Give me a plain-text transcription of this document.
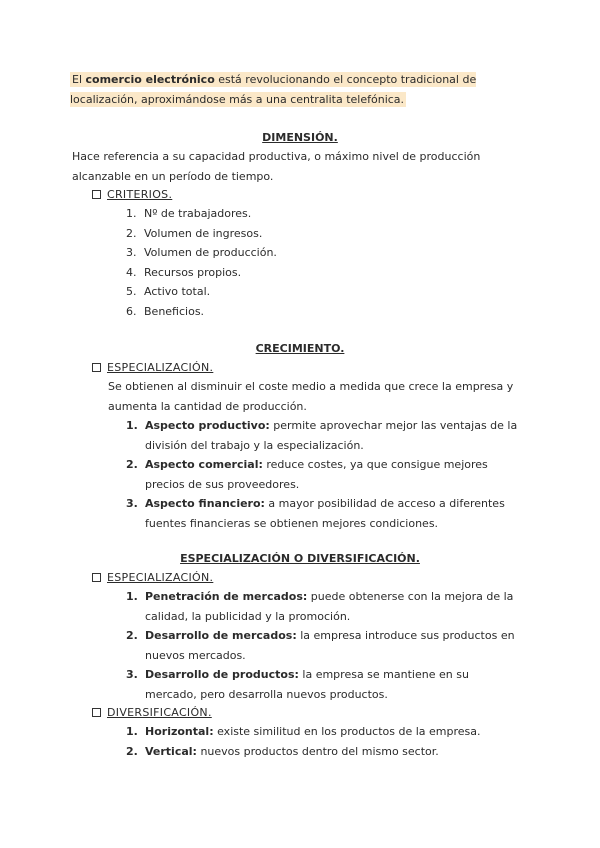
El comercio electrónico está revolucionando el concepto tradicional de localización, aproximándose más a una centralita telefónica.
DIMENSIÓN.
Hace referencia a su capacidad productiva, o máximo nivel de producción alcanzable en un período de tiempo.
CRITERIOS.
1. Nº de trabajadores.
2. Volumen de ingresos.
3. Volumen de producción.
4. Recursos propios.
5. Activo total.
6. Beneficios.
CRECIMIENTO.
ESPECIALIZACIÓN.
Se obtienen al disminuir el coste medio a medida que crece la empresa y aumenta la cantidad de producción.
1. Aspecto productivo: permite aprovechar mejor las ventajas de la división del trabajo y la especialización.
2. Aspecto comercial: reduce costes, ya que consigue mejores precios de sus proveedores.
3. Aspecto financiero: a mayor posibilidad de acceso a diferentes fuentes financieras se obtienen mejores condiciones.
ESPECIALIZACIÓN O DIVERSIFICACIÓN.
ESPECIALIZACIÓN.
1. Penetración de mercados: puede obtenerse con la mejora de la calidad, la publicidad y la promoción.
2. Desarrollo de mercados: la empresa introduce sus productos en nuevos mercados.
3. Desarrollo de productos: la empresa se mantiene en su mercado, pero desarrolla nuevos productos.
DIVERSIFICACIÓN.
1. Horizontal: existe similitud en los productos de la empresa.
2. Vertical: nuevos productos dentro del mismo sector.
